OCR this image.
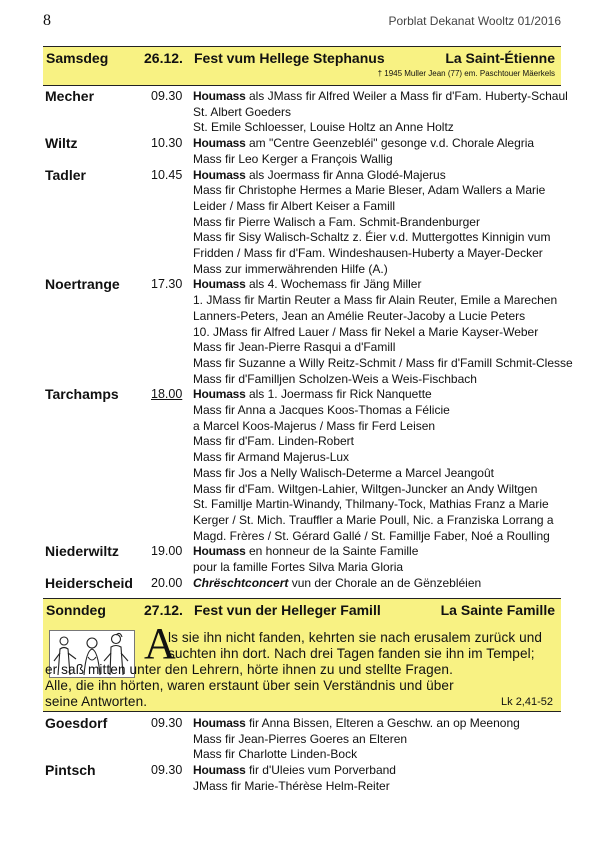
8	Porblat Dekanat Wooltz 01/2016
Samsdeg	26.12. Fest vum Hellege Stephanus	La Saint-Étienne
† 1945 Muller Jean (77) em. Paschtouer Mäerkels
Mecher	09.30 Houmass als JMass fir Alfred Weiler a Mass fir d'Fam. Huberty-Schaul
St. Albert Goeders
St. Emile Schloesser, Louise Holtz an Anne Holtz
Wiltz	10.30 Houmass am "Centre Geenzebléi" gesonge v.d. Chorale Alegria
Mass fir Leo Kerger a François Wallig
Tadler	10.45 Houmass als Joermass fir Anna Glodé-Majerus
Mass fir Christophe Hermes a Marie Bleser, Adam Wallers a Marie
Leider / Mass fir Albert Keiser a Famill
Mass fir Pierre Walisch a Fam. Schmit-Brandenburger
Mass fir Sisy Walisch-Schaltz z. Éier v.d. Muttergottes Kinnigin vum
Fridden / Mass fir d'Fam. Windeshausen-Huberty a Mayer-Decker
Mass zur immerwährenden Hilfe (A.)
Noertrange	17.30 Houmass als 4. Wochemass fir Jäng Miller
1. JMass fir Martin Reuter a Mass fir Alain Reuter, Emile a Marechen
Lanners-Peters, Jean an Amélie Reuter-Jacoby a Lucie Peters
10. JMass fir Alfred Lauer / Mass fir Nekel a Marie Kayser-Weber
Mass fir Jean-Pierre Rasqui a d'Famill
Mass fir Suzanne a Willy Reitz-Schmit / Mass fir d'Famill Schmit-Clesse
Mass fir d'Familljen Scholzen-Weis a Weis-Fischbach
Tarchamps	18.00 Houmass als 1. Joermass fir Rick Nanquette
Mass fir Anna a Jacques Koos-Thomas a Félicie
a Marcel Koos-Majerus / Mass fir Ferd Leisen
Mass fir d'Fam. Linden-Robert
Mass fir Armand Majerus-Lux
Mass fir Jos a Nelly Walisch-Determe a Marcel Jeangoût
Mass fir d'Fam. Wiltgen-Lahier, Wiltgen-Juncker an Andy Wiltgen
St. Famillje Martin-Winandy, Thilmany-Tock, Mathias Franz a Marie
Kerger / St. Mich. Trauffler a Marie Poull, Nic. a Franziska Lorrang a
Magd. Frères / St. Gérard Gallé / St. Famillje Faber, Noé a Roulling
Niederwiltz	19.00 Houmass en honneur de la Sainte Famille
pour la famille Fortes Silva Maria Gloria
Heiderscheid 20.00 Chrëschtconcert vun der Chorale an de Gënzebléien
Sonndeg	27.12. Fest vun der Helleger Famill	La Sainte Famille
A
ls sie ihn nicht fanden, kehrten sie nach erusalem zurück und
suchten ihn dort. Nach drei Tagen fanden sie ihn im Tempel;
er saß mitten unter den Lehrern, hörte ihnen zu und stellte Fragen.
Alle, die ihn hörten, waren erstaunt über sein Verständnis und über
seine Antworten.	Lk 2,41-52
Goesdorf	09.30 Houmass fir Anna Bissen, Elteren a Geschw. an op Meenong
Mass fir Jean-Pierres Goeres an Elteren
Mass fir Charlotte Linden-Bock
Pintsch	09.30 Houmass fir d'Uleies vum Porverband
JMass fir Marie-Thérèse Helm-Reiter
